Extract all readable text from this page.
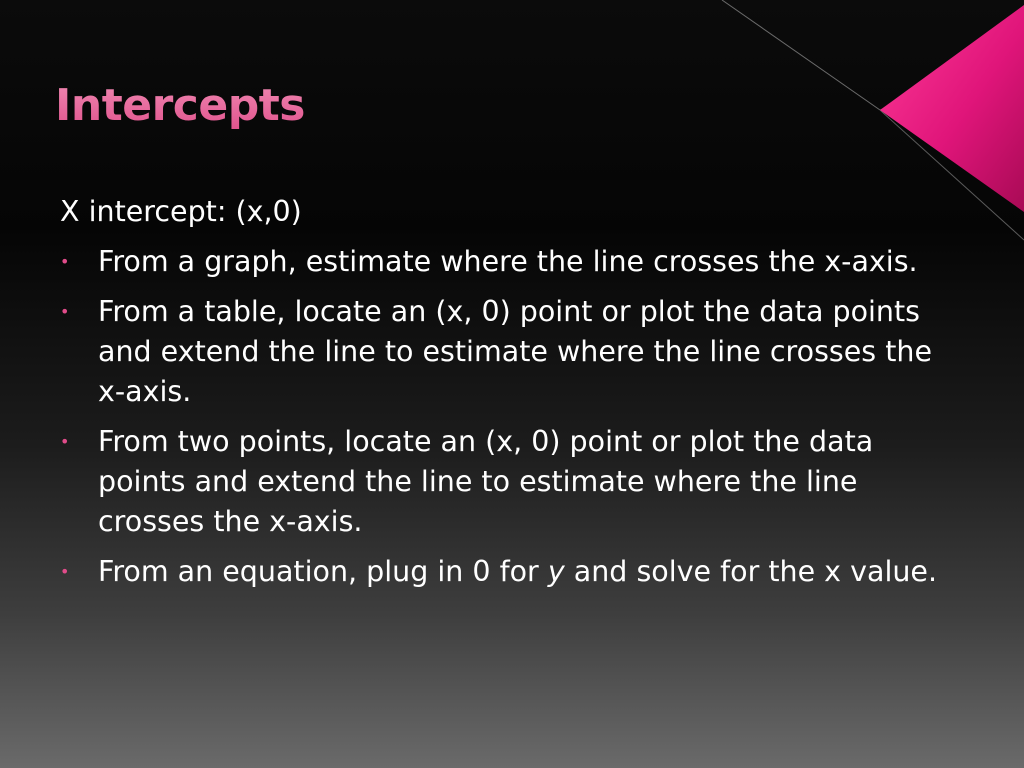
Intercepts

X intercept: (x,0)

• From a graph, estimate where the line crosses the x-axis.
• From a table, locate an (x, 0) point or plot the data points and extend the line to estimate where the line crosses the x-axis.
• From two points, locate an (x, 0) point or plot the data points and extend the line to estimate where the line crosses the x-axis.
• From an equation, plug in 0 for y and solve for the x value.
